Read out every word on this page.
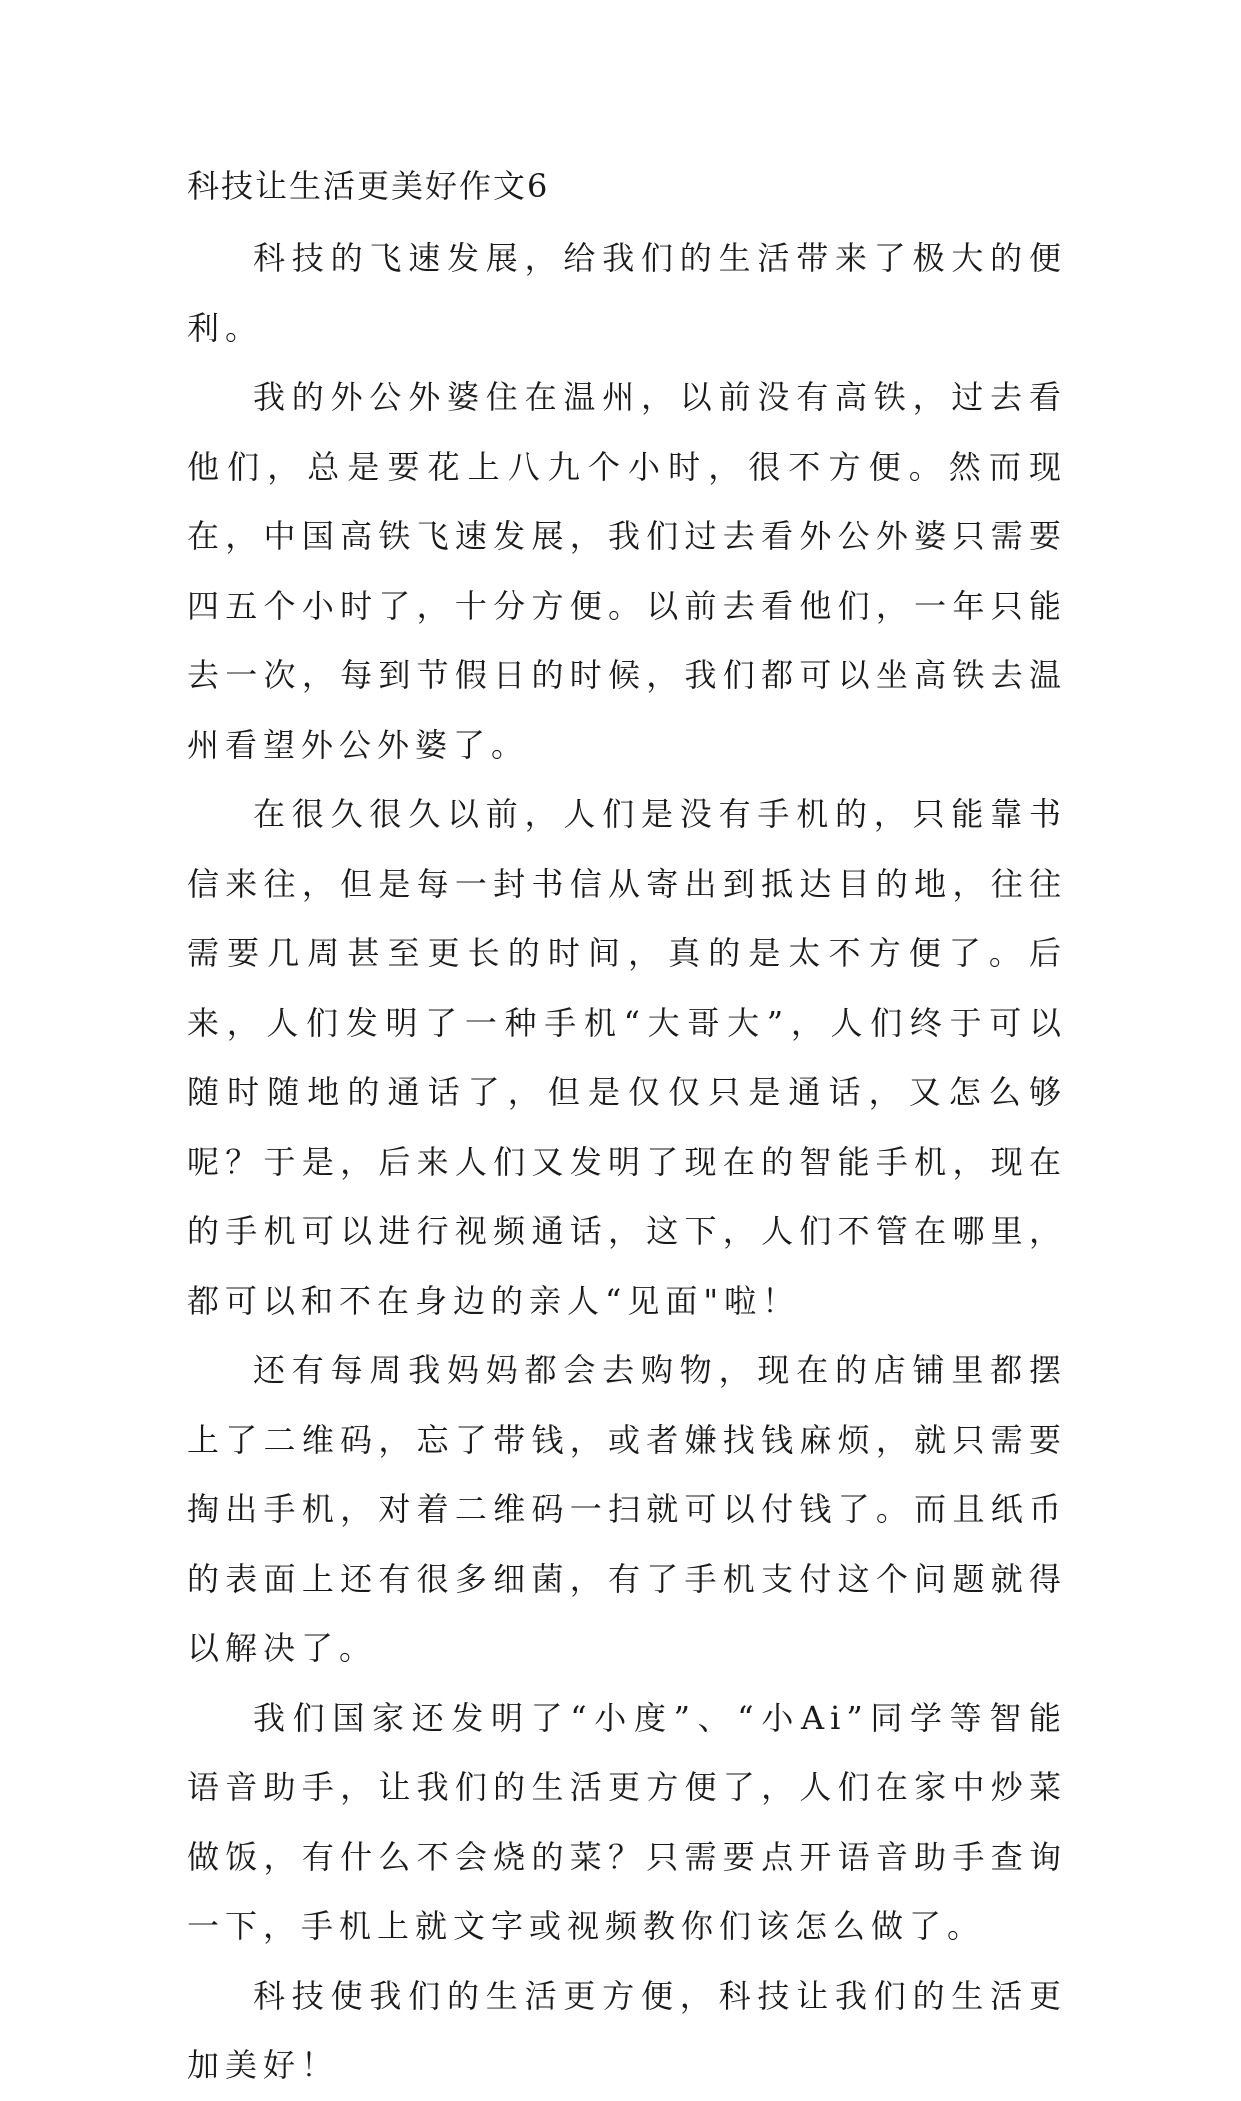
科技让生活更美好作文6

科技的飞速发展，给我们的生活带来了极大的便利。

我的外公外婆住在温州，以前没有高铁，过去看他们，总是要花上八九个小时，很不方便。然而现在，中国高铁飞速发展，我们过去看外公外婆只需要四五个小时了，十分方便。以前去看他们，一年只能去一次，每到节假日的时候，我们都可以坐高铁去温州看望外公外婆了。

在很久很久以前，人们是没有手机的，只能靠书信来往，但是每一封书信从寄出到抵达目的地，往往需要几周甚至更长的时间，真的是太不方便了。后来，人们发明了一种手机“大哥大”，人们终于可以随时随地的通话了，但是仅仅只是通话，又怎么够呢？于是，后来人们又发明了现在的智能手机，现在的手机可以进行视频通话，这下，人们不管在哪里，都可以和不在身边的亲人“见面"啦！

还有每周我妈妈都会去购物，现在的店铺里都摆上了二维码，忘了带钱，或者嫌找钱麻烦，就只需要掏出手机，对着二维码一扫就可以付钱了。而且纸币的表面上还有很多细菌，有了手机支付这个问题就得以解决了。

我们国家还发明了“小度”、“小Ai”同学等智能语音助手，让我们的生活更方便了，人们在家中炒菜做饭，有什么不会烧的菜？只需要点开语音助手查询一下，手机上就文字或视频教你们该怎么做了。

科技使我们的生活更方便，科技让我们的生活更加美好！
